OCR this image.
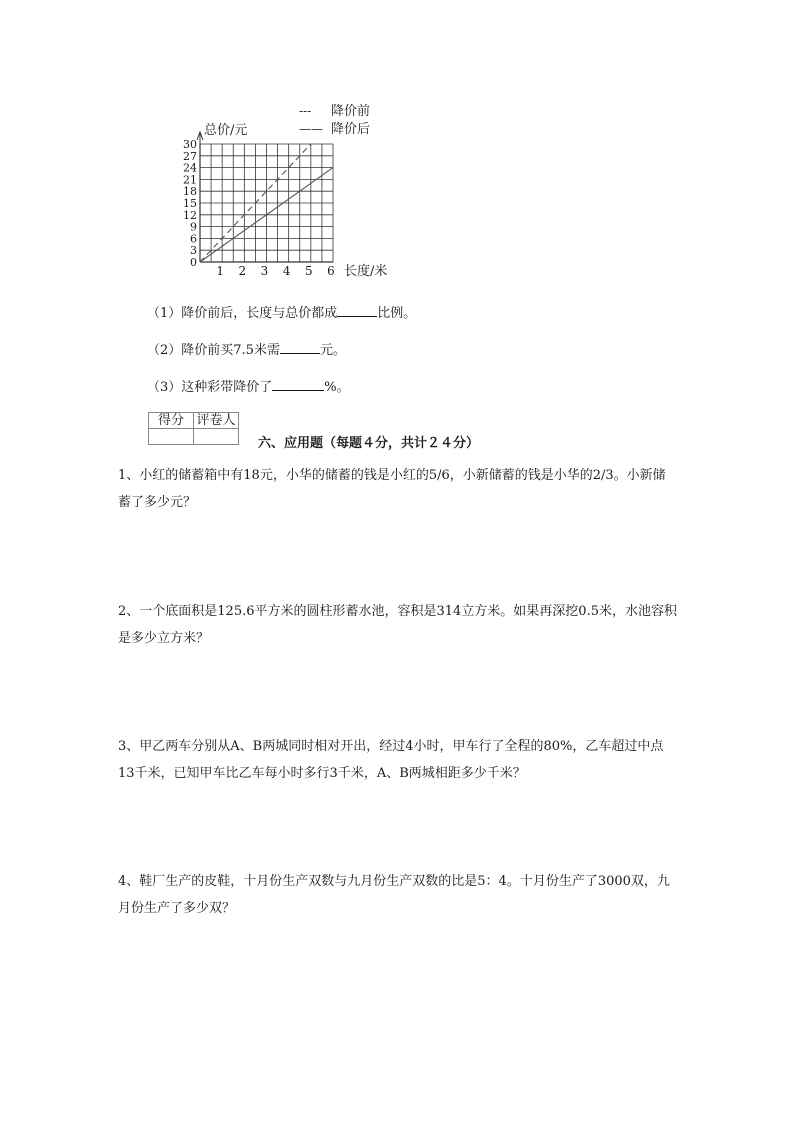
0
3
6
9
12
15
18
21
24
27
30
1 2 3 4 5 6
总价/元
长度/米
--- 降价前
—— 降价后
（1）降价前后，长度与总价都成	比例。
（2）降价前买7.5米需	元。
（3）这种彩带降价了	%。
得分	评卷人

六、应用题（每题４分，共计２４分）
1、小红的储蓄箱中有18元，小华的储蓄的钱是小红的5/6，小新储蓄的钱是小华的2/3。小新储蓄了多少元？
2、一个底面积是125.6平方米的圆柱形蓄水池，容积是314立方米。如果再深挖0.5米，水池容积是多少立方米？
3、甲乙两车分别从A、B两城同时相对开出，经过4小时，甲车行了全程的80%，乙车超过中点13千米，已知甲车比乙车每小时多行3千米，A、B两城相距多少千米？
4、鞋厂生产的皮鞋，十月份生产双数与九月份生产双数的比是5：4。十月份生产了3000双，九月份生产了多少双？
